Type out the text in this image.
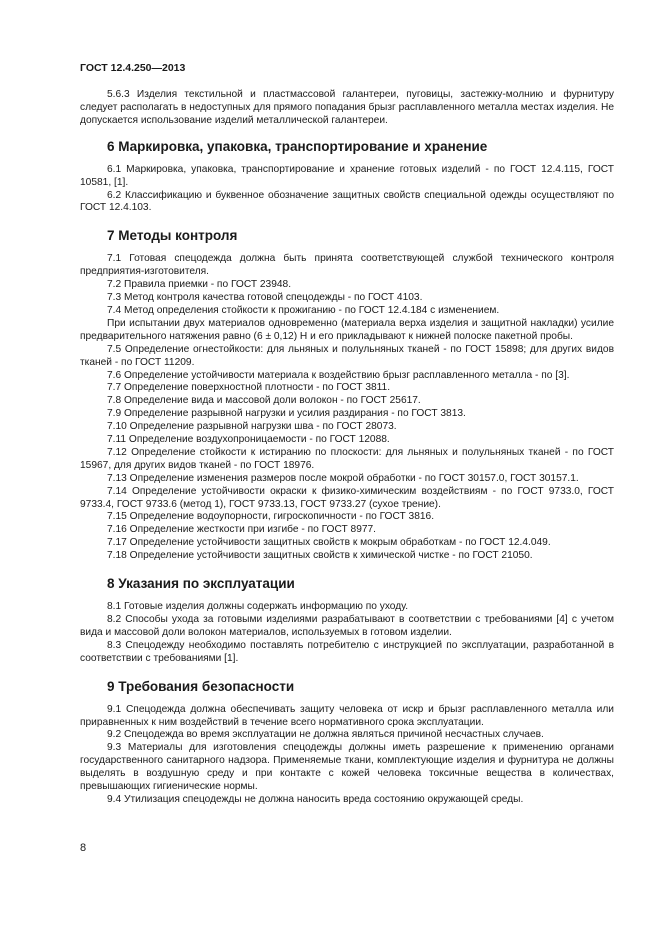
ГОСТ 12.4.250—2013

5.6.3 Изделия текстильной и пластмассовой галантереи, пуговицы, застежку-молнию и фурнитуру следует располагать в недоступных для прямого попадания брызг расплавленного металла местах изделия. Не допускается использование изделий металлической галантереи.

6 Маркировка, упаковка, транспортирование и хранение

6.1 Маркировка, упаковка, транспортирование и хранение готовых изделий - по ГОСТ 12.4.115, ГОСТ 10581, [1].

6.2 Классификацию и буквенное обозначение защитных свойств специальной одежды осуществляют по ГОСТ 12.4.103.

7 Методы контроля

7.1 Готовая спецодежда должна быть принята соответствующей службой технического контроля предприятия-изготовителя.

7.2 Правила приемки - по ГОСТ 23948.

7.3 Метод контроля качества готовой спецодежды - по ГОСТ 4103.

7.4 Метод определения стойкости к прожиганию - по ГОСТ 12.4.184 с изменением.

При испытании двух материалов одновременно (материала верха изделия и защитной накладки) усилие предварительного натяжения равно (6 ± 0,12) Н и его прикладывают к нижней полоске пакетной пробы.

7.5 Определение огнестойкости: для льняных и полульняных тканей - по ГОСТ 15898; для других видов тканей - по ГОСТ 11209.

7.6 Определение устойчивости материала к воздействию брызг расплавленного металла - по [3].

7.7 Определение поверхностной плотности - по ГОСТ 3811.

7.8 Определение вида и массовой доли волокон - по ГОСТ 25617.

7.9 Определение разрывной нагрузки и усилия раздирания - по ГОСТ 3813.

7.10 Определение разрывной нагрузки шва - по ГОСТ 28073.

7.11 Определение воздухопроницаемости - по ГОСТ 12088.

7.12 Определение стойкости к истиранию по плоскости: для льняных и полульняных тканей - по ГОСТ 15967, для других видов тканей - по ГОСТ 18976.

7.13 Определение изменения размеров после мокрой обработки - по ГОСТ 30157.0, ГОСТ 30157.1.

7.14 Определение устойчивости окраски к физико-химическим воздействиям - по ГОСТ 9733.0, ГОСТ 9733.4, ГОСТ 9733.6 (метод 1), ГОСТ 9733.13, ГОСТ 9733.27 (сухое трение).

7.15 Определение водоупорности, гигроскопичности - по ГОСТ 3816.

7.16 Определение жесткости при изгибе - по ГОСТ 8977.

7.17 Определение устойчивости защитных свойств к мокрым обработкам - по ГОСТ 12.4.049.

7.18 Определение устойчивости защитных свойств к химической чистке - по ГОСТ 21050.

8 Указания по эксплуатации

8.1 Готовые изделия должны содержать информацию по уходу.

8.2 Способы ухода за готовыми изделиями разрабатывают в соответствии с требованиями [4] с учетом вида и массовой доли волокон материалов, используемых в готовом изделии.

8.3 Спецодежду необходимо поставлять потребителю с инструкцией по эксплуатации, разработанной в соответствии с требованиями [1].

9 Требования безопасности

9.1 Спецодежда должна обеспечивать защиту человека от искр и брызг расплавленного металла или приравненных к ним воздействий в течение всего нормативного срока эксплуатации.

9.2 Спецодежда во время эксплуатации не должна являться причиной несчастных случаев.

9.3 Материалы для изготовления спецодежды должны иметь разрешение к применению органами государственного санитарного надзора. Применяемые ткани, комплектующие изделия и фурнитура не должны выделять в воздушную среду и при контакте с кожей человека токсичные вещества в количествах, превышающих гигиенические нормы.

9.4 Утилизация спецодежды не должна наносить вреда состоянию окружающей среды.

8
